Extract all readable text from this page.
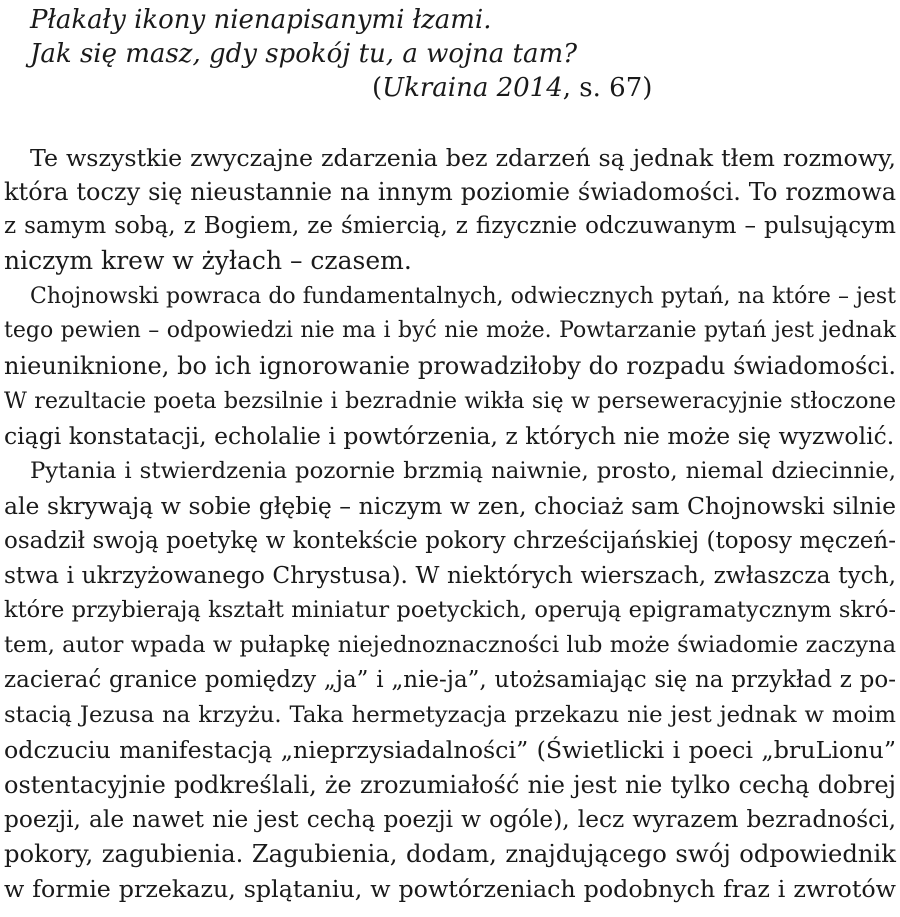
Płakały ikony nienapisanymi łzami.
Jak się masz, gdy spokój tu, a wojna tam?
(Ukraina 2014, s. 67)
Te wszystkie zwyczajne zdarzenia bez zdarzeń są jednak tłem rozmowy,
która toczy się nieustannie na innym poziomie świadomości. To rozmowa
z samym sobą, z Bogiem, ze śmiercią, z fizycznie odczuwanym – pulsującym
niczym krew w żyłach – czasem.
Chojnowski powraca do fundamentalnych, odwiecznych pytań, na które – jest
tego pewien – odpowiedzi nie ma i być nie może. Powtarzanie pytań jest jednak
nieuniknione, bo ich ignorowanie prowadziłoby do rozpadu świadomości.
W rezultacie poeta bezsilnie i bezradnie wikła się w perseweracyjnie stłoczone
ciągi konstatacji, echolalie i powtórzenia, z których nie może się wyzwolić.
Pytania i stwierdzenia pozornie brzmią naiwnie, prosto, niemal dziecinnie,
ale skrywają w sobie głębię – niczym w zen, chociaż sam Chojnowski silnie
osadził swoją poetykę w kontekście pokory chrześcijańskiej (toposy męczeń-
stwa i ukrzyżowanego Chrystusa). W niektórych wierszach, zwłaszcza tych,
które przybierają kształt miniatur poetyckich, operują epigramatycznym skró-
tem, autor wpada w pułapkę niejednoznaczności lub może świadomie zaczyna
zacierać granice pomiędzy „ja” i „nie-ja”, utożsamiając się na przykład z po-
stacią Jezusa na krzyżu. Taka hermetyzacja przekazu nie jest jednak w moim
odczuciu manifestacją „nieprzysiadalności” (Świetlicki i poeci „bruLionu”
ostentacyjnie podkreślali, że zrozumiałość nie jest nie tylko cechą dobrej
poezji, ale nawet nie jest cechą poezji w ogóle), lecz wyrazem bezradności,
pokory, zagubienia. Zagubienia, dodam, znajdującego swój odpowiednik
w formie przekazu, splątaniu, w powtórzeniach podobnych fraz i zwrotów
